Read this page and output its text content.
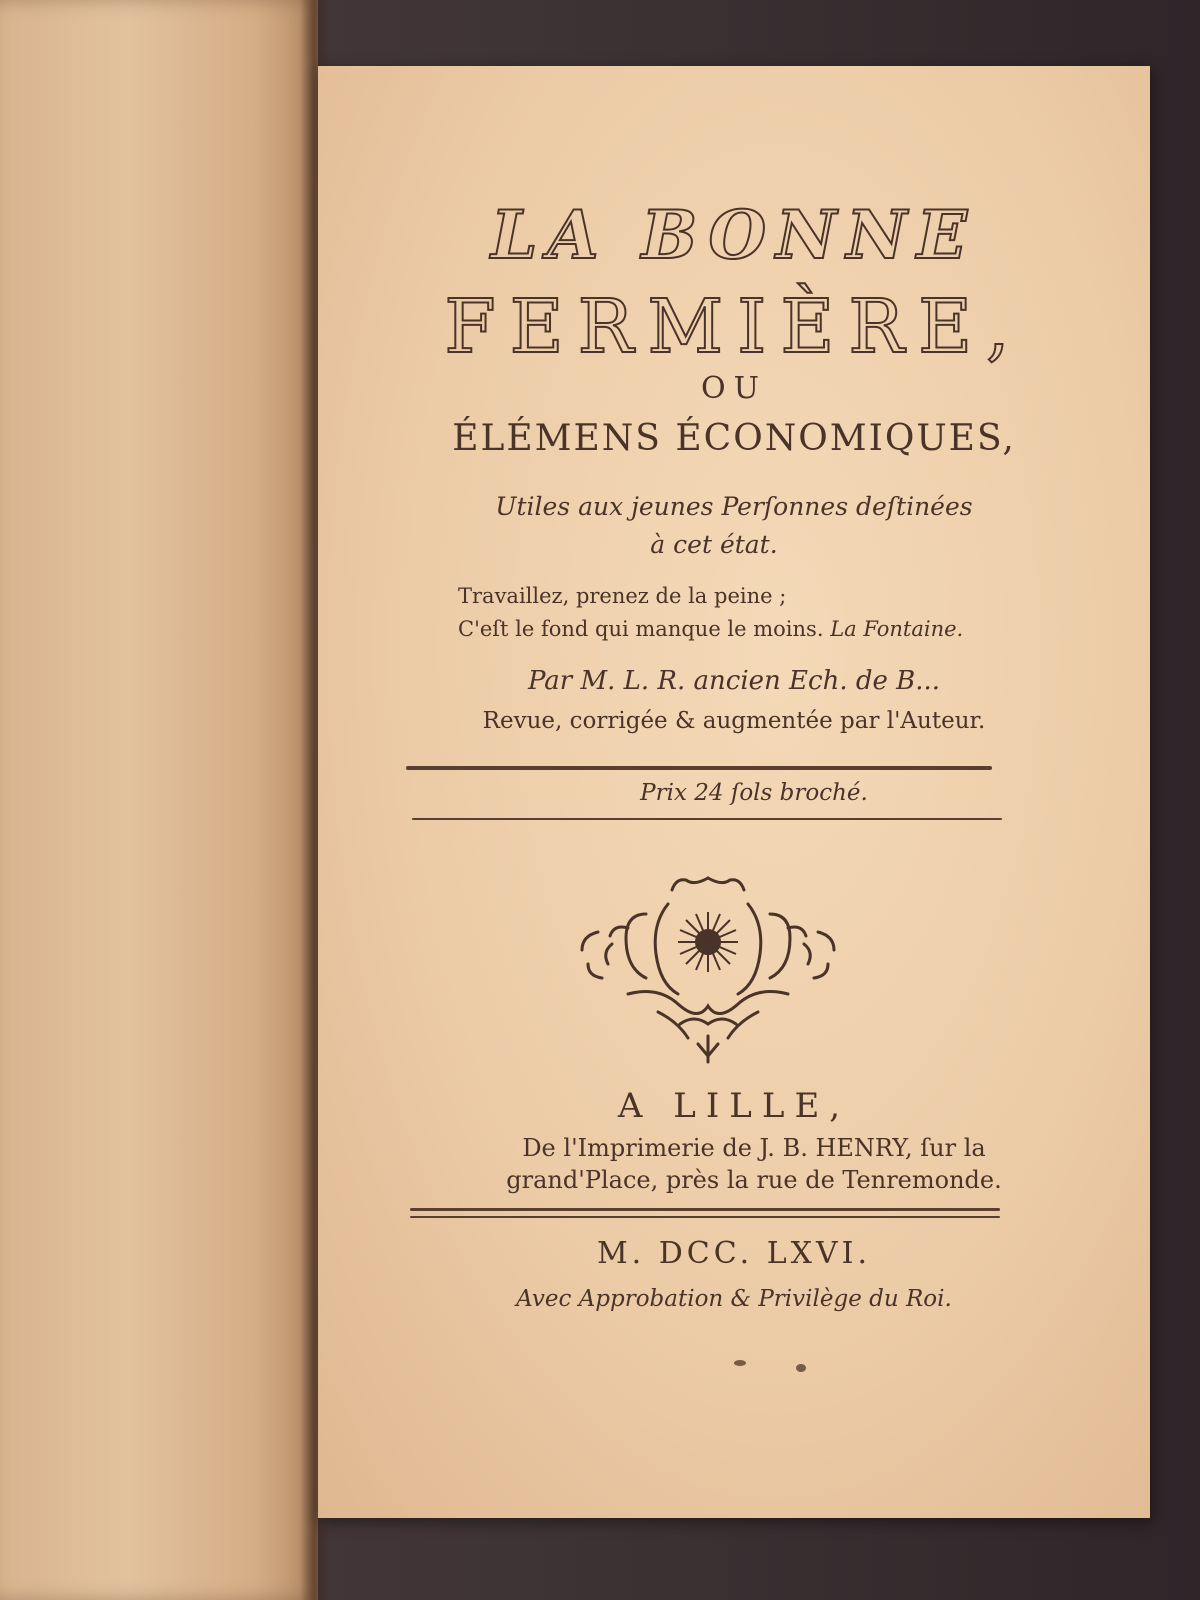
LA BONNE

FERMIÈRE,

OU

ÉLÉMENS ÉCONOMIQUES,

Utiles aux jeunes Perſonnes deſtinées

à cet état.

Travaillez, prenez de la peine ;
C'eſt le fond qui manque le moins. La Fontaine.

Par M. L. R. ancien Ech. de B...

Revue, corrigée & augmentée par l'Auteur.

Prix 24 ſols broché.

A LILLE,

De l'Imprimerie de J. B. HENRY, ſur la

grand'Place, près la rue de Tenremonde.

M. DCC. LXVI.

Avec Approbation & Privilège du Roi.
